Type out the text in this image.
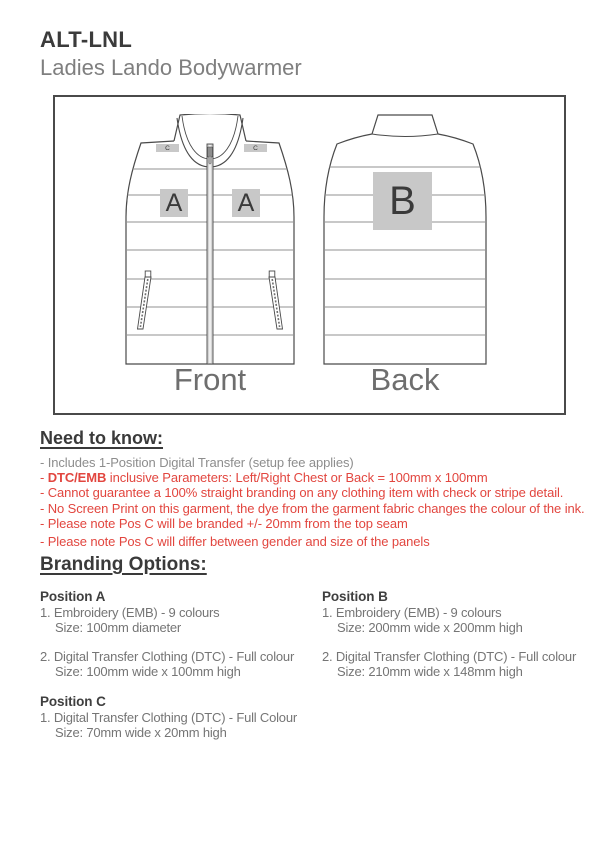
ALT-LNL
Ladies Lando Bodywarmer
C	C
A A	B
Front	Back
Need to know:
- Includes 1-Position Digital Transfer (setup fee applies)
- DTC/EMB inclusive Parameters: Left/Right Chest or Back = 100mm x 100mm
- Cannot guarantee a 100% straight branding on any clothing item with check or stripe detail.
- No Screen Print on this garment, the dye from the garment fabric changes the colour of the ink.
- Please note Pos C will be branded +/- 20mm from the top seam
- Please note Pos C will differ between gender and size of the panels
Branding Options:
Position A
1. Embroidery (EMB) - 9 colours
Size: 100mm diameter
2. Digital Transfer Clothing (DTC) - Full colour
Size: 100mm wide x 100mm high
Position C
1. Digital Transfer Clothing (DTC) - Full Colour
Size: 70mm wide x 20mm high
Position B
1. Embroidery (EMB) - 9 colours
Size: 200mm wide x 200mm high
2. Digital Transfer Clothing (DTC) - Full colour
Size: 210mm wide x 148mm high
